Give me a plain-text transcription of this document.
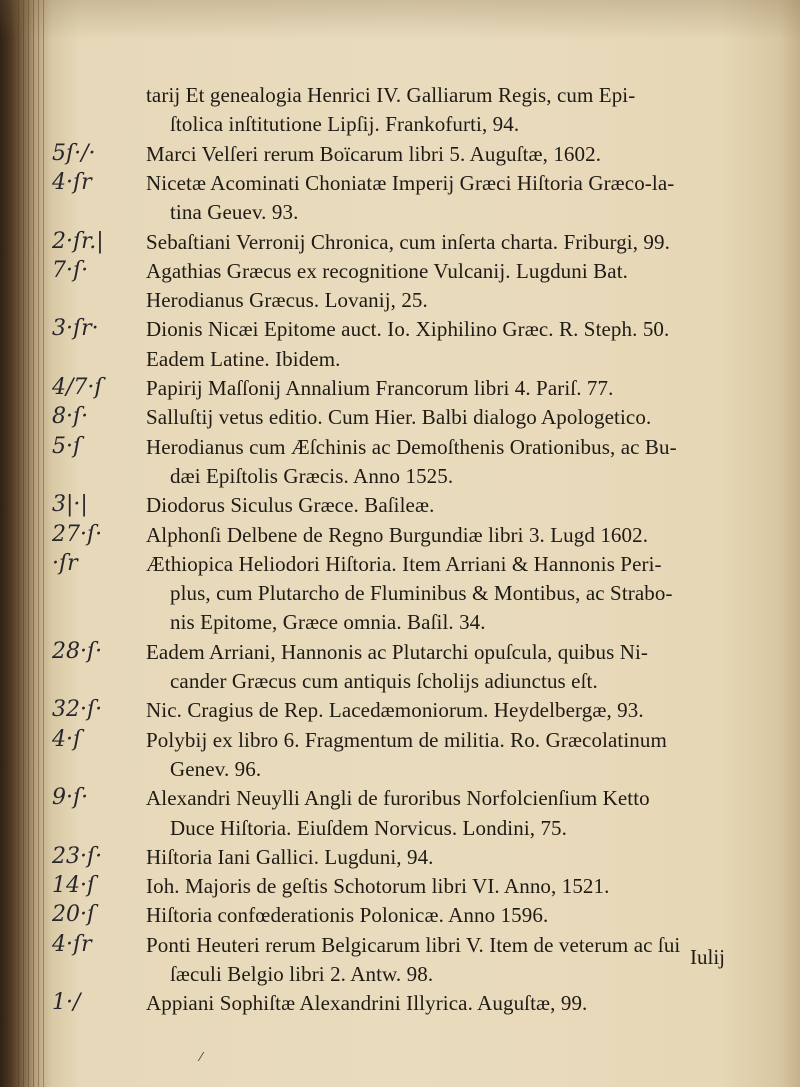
tarij Et genealogia Henrici IV. Galliarum Regis, cum Epi-
ſtolica inſtitutione Lipſij. Frankofurti, 94.
5ſ·/·	Marci Velſeri rerum Boïcarum libri 5. Auguſtæ, 1602.
4·ſr	Nicetæ Acominati Choniatæ Imperij Græci Hiſtoria Græco-la-
tina Geuev. 93.
2·ſr.|	Sebaſtiani Verronij Chronica, cum inſerta charta. Friburgi, 99.
7·ſ·	Agathias Græcus ex recognitione Vulcanij. Lugduni Bat.
Herodianus Græcus. Lovanij, 25.
3·ſr·	Dionis Nicæi Epitome auct. Io. Xiphilino Græc. R. Steph. 50.
Eadem Latine. Ibidem.
4/7·ſ	Papirij Maſſonij Annalium Francorum libri 4. Pariſ. 77.
8·ſ·	Salluſtij vetus editio. Cum Hier. Balbi dialogo Apologetico.
5·ſ	Herodianus cum Æſchinis ac Demoſthenis Orationibus, ac Bu-
dæi Epiſtolis Græcis. Anno 1525.
3|·|	Diodorus Siculus Græce. Baſileæ.
27·ſ·	Alphonſi Delbene de Regno Burgundiæ libri 3. Lugd 1602.
·ſr	Æthiopica Heliodori Hiſtoria. Item Arriani & Hannonis Peri-
plus, cum Plutarcho de Fluminibus & Montibus, ac Strabo-
nis Epitome, Græce omnia. Baſil. 34.
28·ſ·	Eadem Arriani, Hannonis ac Plutarchi opuſcula, quibus Ni-
cander Græcus cum antiquis ſcholijs adiunctus eſt.
32·ſ·	Nic. Cragius de Rep. Lacedæmoniorum. Heydelbergæ, 93.
4·ſ	Polybij ex libro 6. Fragmentum de militia. Ro. Græcolatinum
Genev. 96.
9·ſ·	Alexandri Neuylli Angli de furoribus Norfolcienſium Ketto
Duce Hiſtoria. Eiuſdem Norvicus. Londini, 75.
23·ſ·	Hiſtoria Iani Gallici. Lugduni, 94.
14·ſ	Ioh. Majoris de geſtis Schotorum libri VI. Anno, 1521.
20·ſ	Hiſtoria confœderationis Polonicæ. Anno 1596.
4·ſr	Ponti Heuteri rerum Belgicarum libri V. Item de veterum ac ſui
ſæculi Belgio libri 2. Antw. 98.
1·/	Appiani Sophiſtæ Alexandrini Illyrica. Auguſtæ, 99.
Iulij
⁄
